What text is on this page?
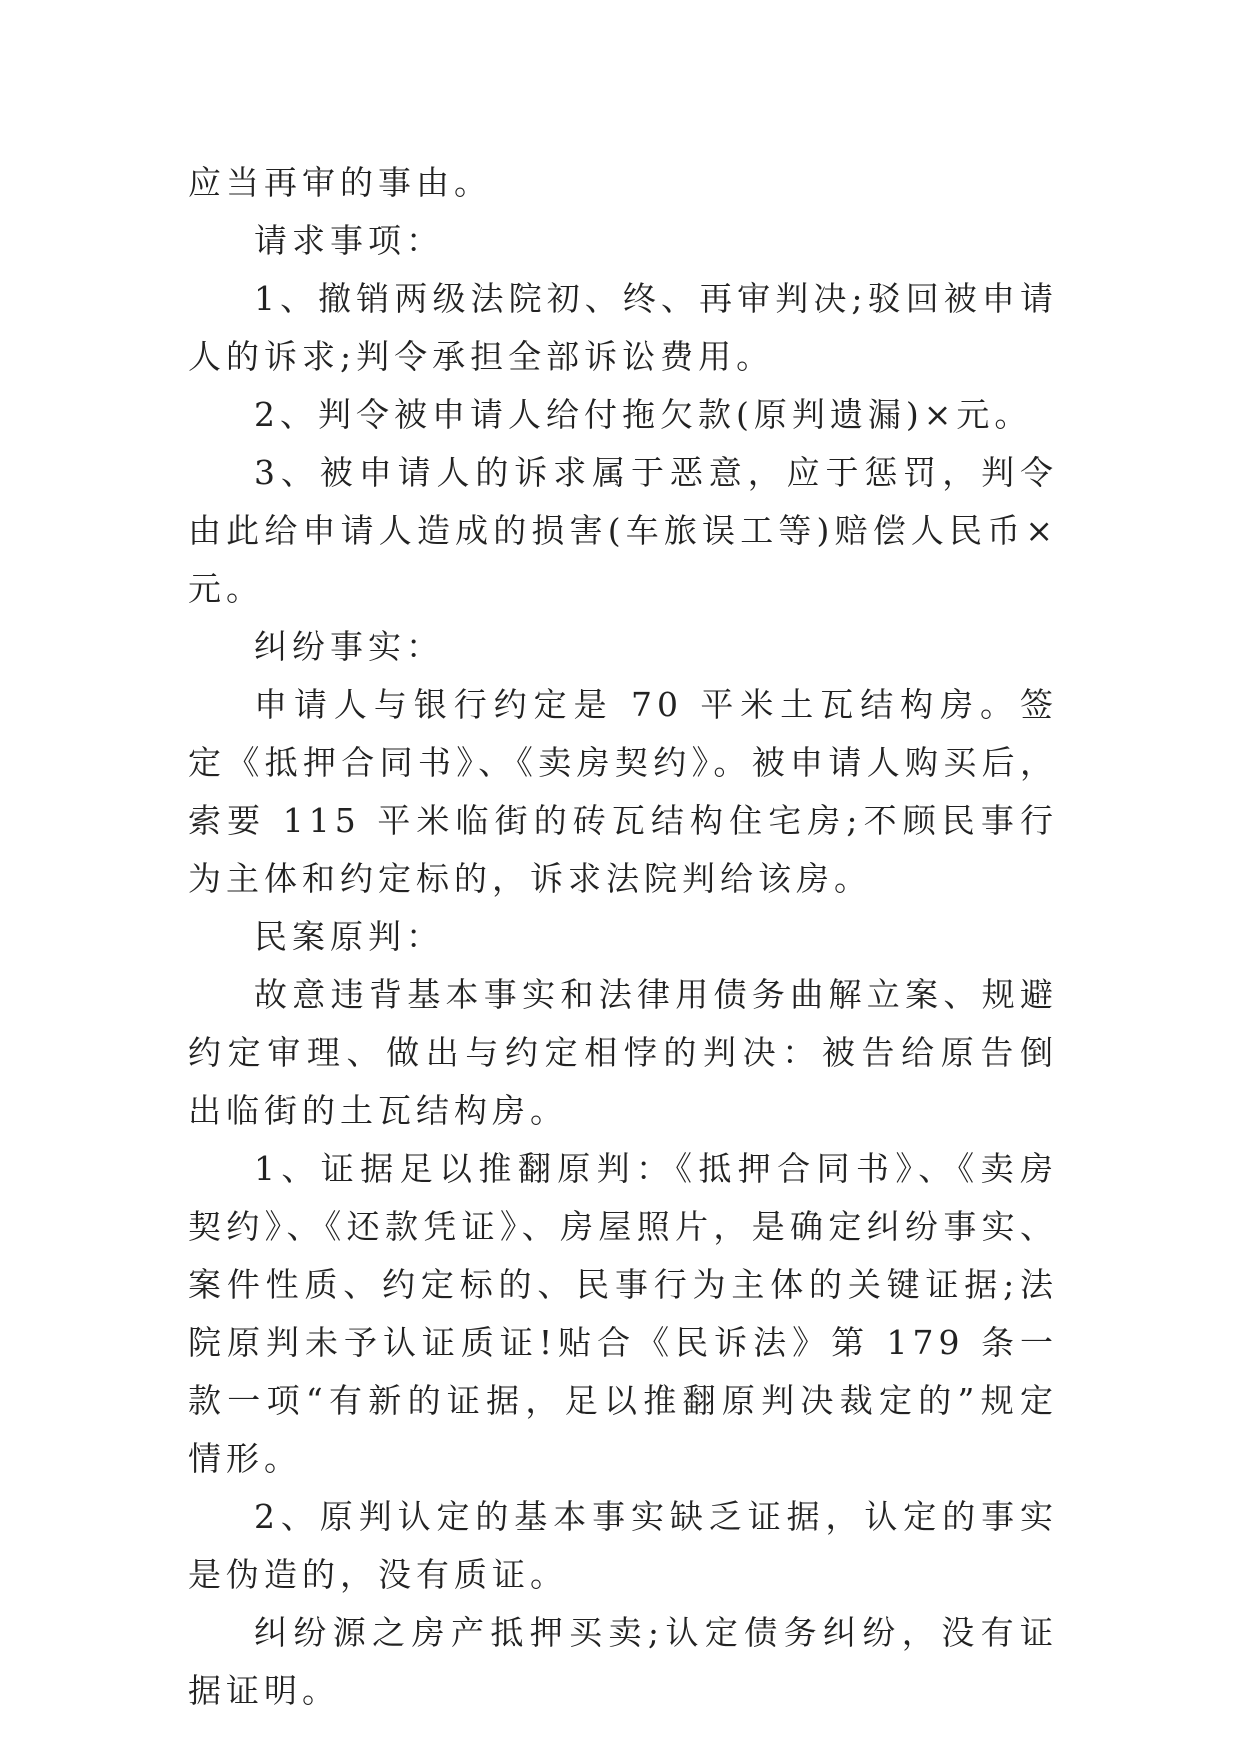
应当再审的事由。

请求事项：

1、撤销两级法院初、终、再审判决;驳回被申请人的诉求;判令承担全部诉讼费用。

2、判令被申请人给付拖欠款(原判遗漏)×元。

3、被申请人的诉求属于恶意，应于惩罚，判令由此给申请人造成的损害(车旅误工等)赔偿人民币×元。

纠纷事实：

申请人与银行约定是 70 平米土瓦结构房。签定《抵押合同书》、《卖房契约》。被申请人购买后，索要 115 平米临街的砖瓦结构住宅房;不顾民事行为主体和约定标的，诉求法院判给该房。

民案原判：

故意违背基本事实和法律用债务曲解立案、规避约定审理、做出与约定相悖的判决：被告给原告倒出临街的土瓦结构房。

1、证据足以推翻原判：《抵押合同书》、《卖房契约》、《还款凭证》、房屋照片，是确定纠纷事实、案件性质、约定标的、民事行为主体的关键证据;法院原判未予认证质证!贴合《民诉法》第 179 条一款一项“有新的证据，足以推翻原判决裁定的”规定情形。

2、原判认定的基本事实缺乏证据，认定的事实是伪造的，没有质证。

纠纷源之房产抵押买卖;认定债务纠纷，没有证据证明。
